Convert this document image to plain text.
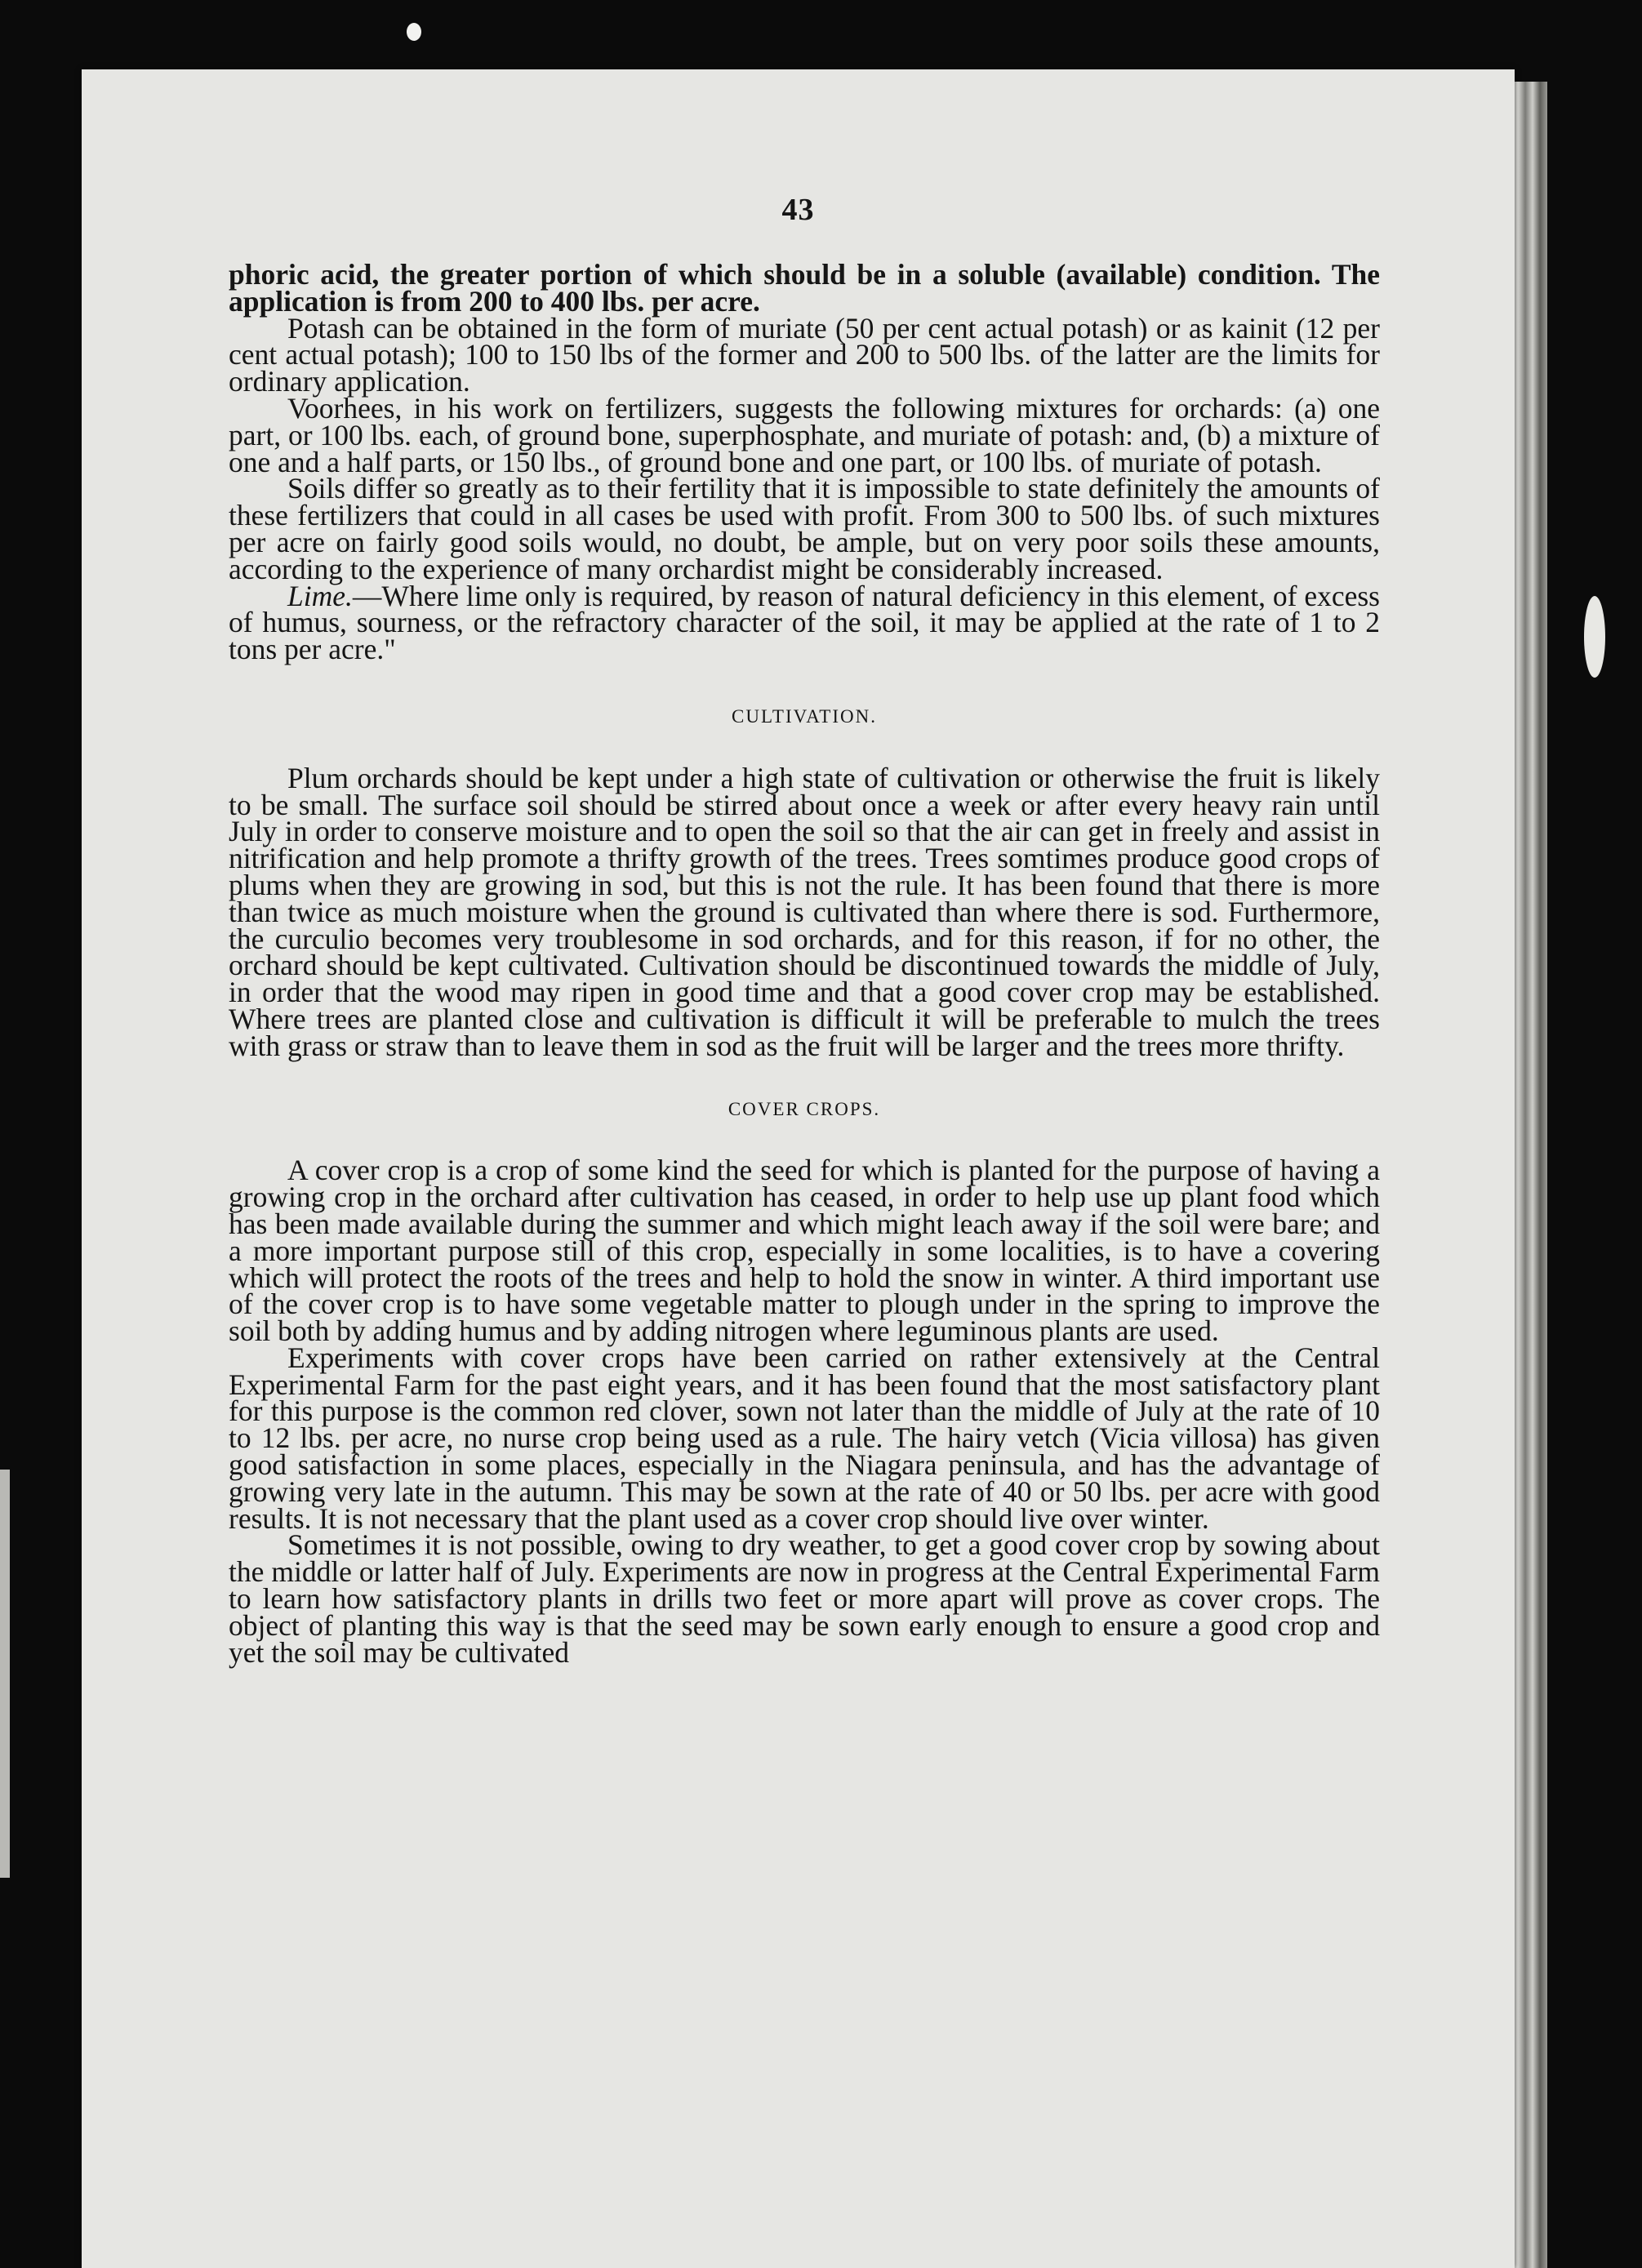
43

phoric acid, the greater portion of which should be in a soluble (available) condition. The application is from 200 to 400 lbs. per acre.

Potash can be obtained in the form of muriate (50 per cent actual potash) or as kainit (12 per cent actual potash); 100 to 150 lbs of the former and 200 to 500 lbs. of the latter are the limits for ordinary application.

Voorhees, in his work on fertilizers, suggests the following mixtures for orchards: (a) one part, or 100 lbs. each, of ground bone, superphosphate, and muriate of potash: and, (b) a mixture of one and a half parts, or 150 lbs., of ground bone and one part, or 100 lbs. of muriate of potash.

Soils differ so greatly as to their fertility that it is impossible to state definitely the amounts of these fertilizers that could in all cases be used with profit. From 300 to 500 lbs. of such mixtures per acre on fairly good soils would, no doubt, be ample, but on very poor soils these amounts, according to the experience of many orchardist might be considerably increased.

Lime.—Where lime only is required, by reason of natural deficiency in this element, of excess of humus, sourness, or the refractory character of the soil, it may be applied at the rate of 1 to 2 tons per acre."

CULTIVATION.

Plum orchards should be kept under a high state of cultivation or otherwise the fruit is likely to be small. The surface soil should be stirred about once a week or after every heavy rain until July in order to conserve moisture and to open the soil so that the air can get in freely and assist in nitrification and help promote a thrifty growth of the trees. Trees somtimes produce good crops of plums when they are growing in sod, but this is not the rule. It has been found that there is more than twice as much moisture when the ground is cultivated than where there is sod. Furthermore, the curculio becomes very troublesome in sod orchards, and for this reason, if for no other, the orchard should be kept cultivated. Cultivation should be discontinued towards the middle of July, in order that the wood may ripen in good time and that a good cover crop may be established. Where trees are planted close and cultivation is difficult it will be preferable to mulch the trees with grass or straw than to leave them in sod as the fruit will be larger and the trees more thrifty.

COVER CROPS.

A cover crop is a crop of some kind the seed for which is planted for the purpose of having a growing crop in the orchard after cultivation has ceased, in order to help use up plant food which has been made available during the summer and which might leach away if the soil were bare; and a more important purpose still of this crop, especially in some localities, is to have a covering which will protect the roots of the trees and help to hold the snow in winter. A third important use of the cover crop is to have some vegetable matter to plough under in the spring to improve the soil both by adding humus and by adding nitrogen where leguminous plants are used.

Experiments with cover crops have been carried on rather extensively at the Central Experimental Farm for the past eight years, and it has been found that the most satisfactory plant for this purpose is the common red clover, sown not later than the middle of July at the rate of 10 to 12 lbs. per acre, no nurse crop being used as a rule. The hairy vetch (Vicia villosa) has given good satisfaction in some places, especially in the Niagara peninsula, and has the advantage of growing very late in the autumn. This may be sown at the rate of 40 or 50 lbs. per acre with good results. It is not necessary that the plant used as a cover crop should live over winter.

Sometimes it is not possible, owing to dry weather, to get a good cover crop by sowing about the middle or latter half of July. Experiments are now in progress at the Central Experimental Farm to learn how satisfactory plants in drills two feet or more apart will prove as cover crops. The object of planting this way is that the seed may be sown early enough to ensure a good crop and yet the soil may be cultivated
